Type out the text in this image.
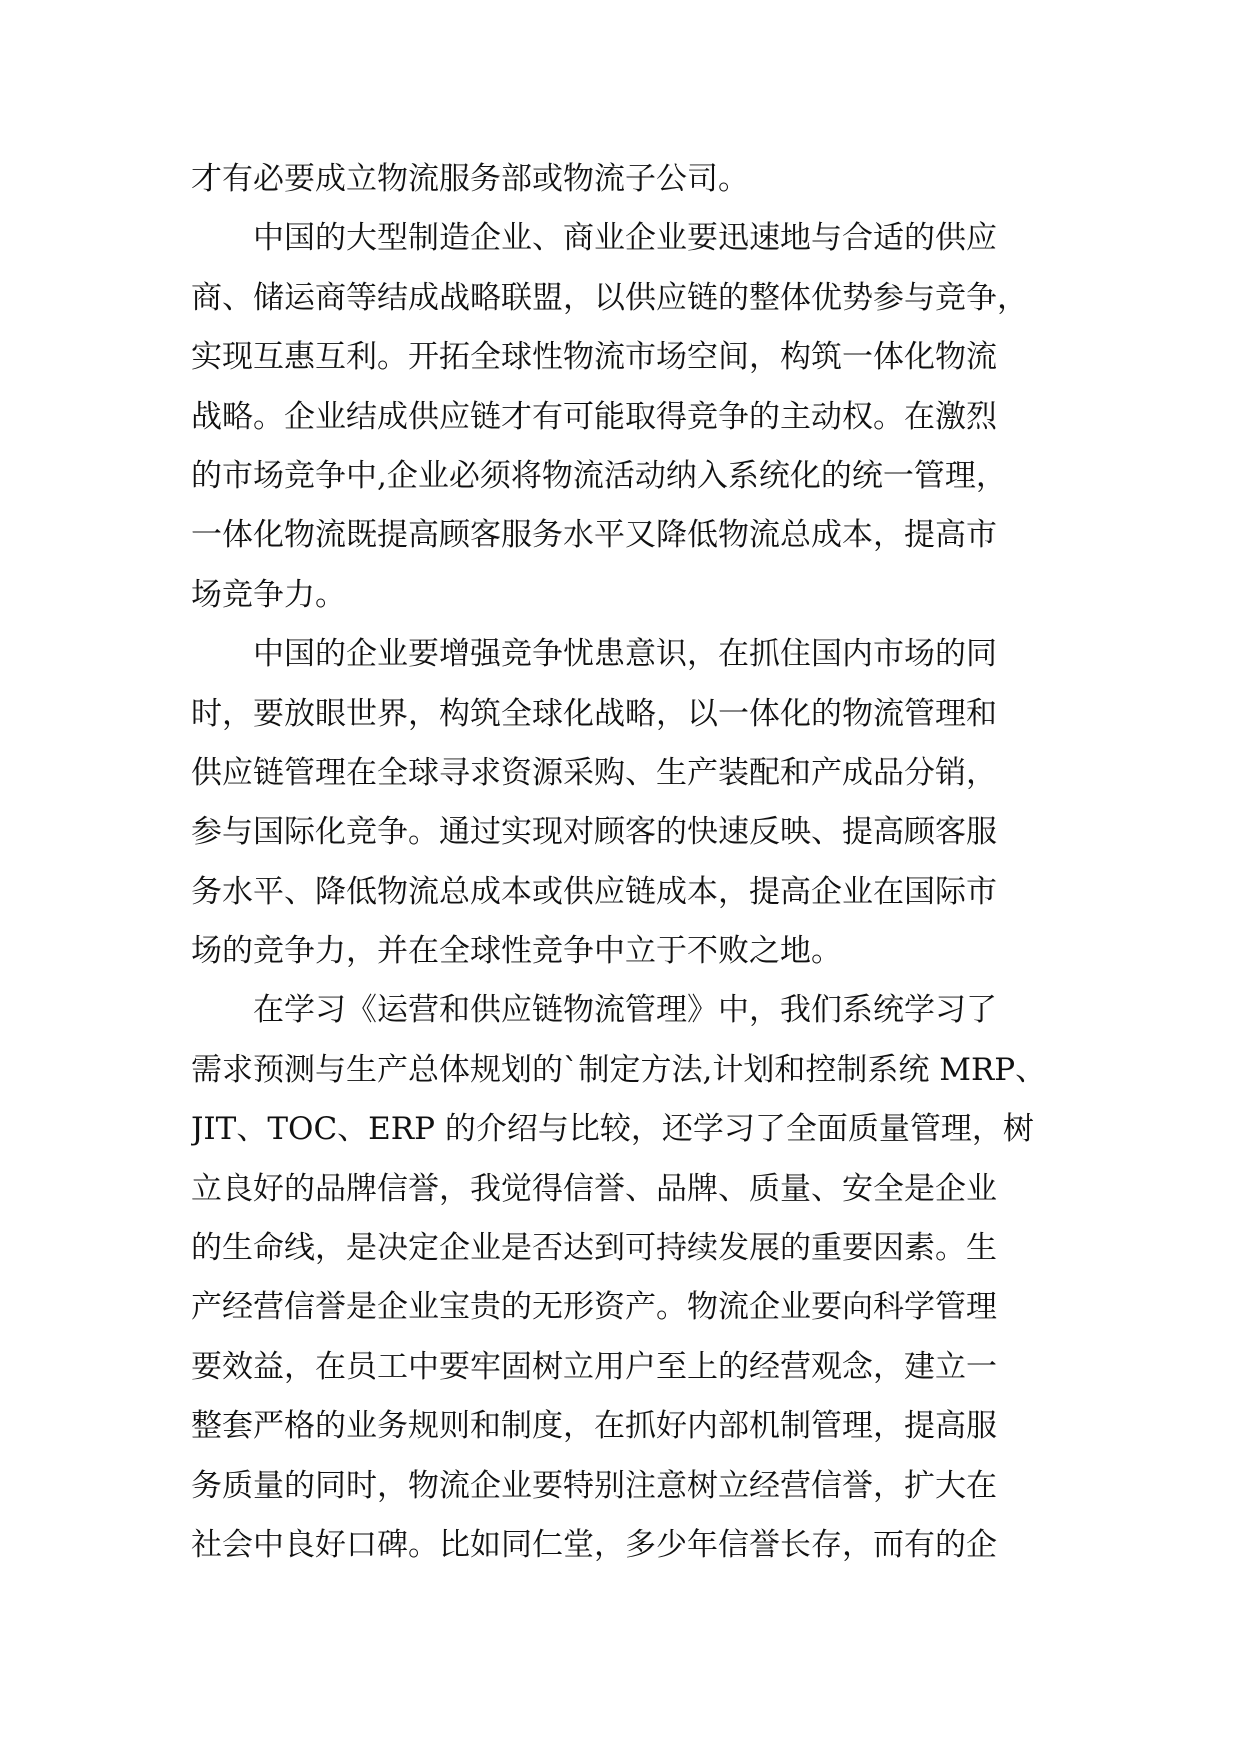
才有必要成立物流服务部或物流子公司。
　　中国的大型制造企业、商业企业要迅速地与合适的供应
商、储运商等结成战略联盟，以供应链的整体优势参与竞争，
实现互惠互利。开拓全球性物流市场空间，构筑一体化物流
战略。企业结成供应链才有可能取得竞争的主动权。在激烈
的市场竞争中,企业必须将物流活动纳入系统化的统一管理，
一体化物流既提高顾客服务水平又降低物流总成本，提高市
场竞争力。
　　中国的企业要增强竞争忧患意识，在抓住国内市场的同
时，要放眼世界，构筑全球化战略，以一体化的物流管理和
供应链管理在全球寻求资源采购、生产装配和产成品分销，
参与国际化竞争。通过实现对顾客的快速反映、提高顾客服
务水平、降低物流总成本或供应链成本，提高企业在国际市
场的竞争力，并在全球性竞争中立于不败之地。
　　在学习《运营和供应链物流管理》中，我们系统学习了
需求预测与生产总体规划的`制定方法,计划和控制系统 MRP、
JIT、TOC、ERP 的介绍与比较，还学习了全面质量管理，树
立良好的品牌信誉，我觉得信誉、品牌、质量、安全是企业
的生命线，是决定企业是否达到可持续发展的重要因素。生
产经营信誉是企业宝贵的无形资产。物流企业要向科学管理
要效益，在员工中要牢固树立用户至上的经营观念，建立一
整套严格的业务规则和制度，在抓好内部机制管理，提高服
务质量的同时，物流企业要特别注意树立经营信誉，扩大在
社会中良好口碑。比如同仁堂，多少年信誉长存，而有的企
